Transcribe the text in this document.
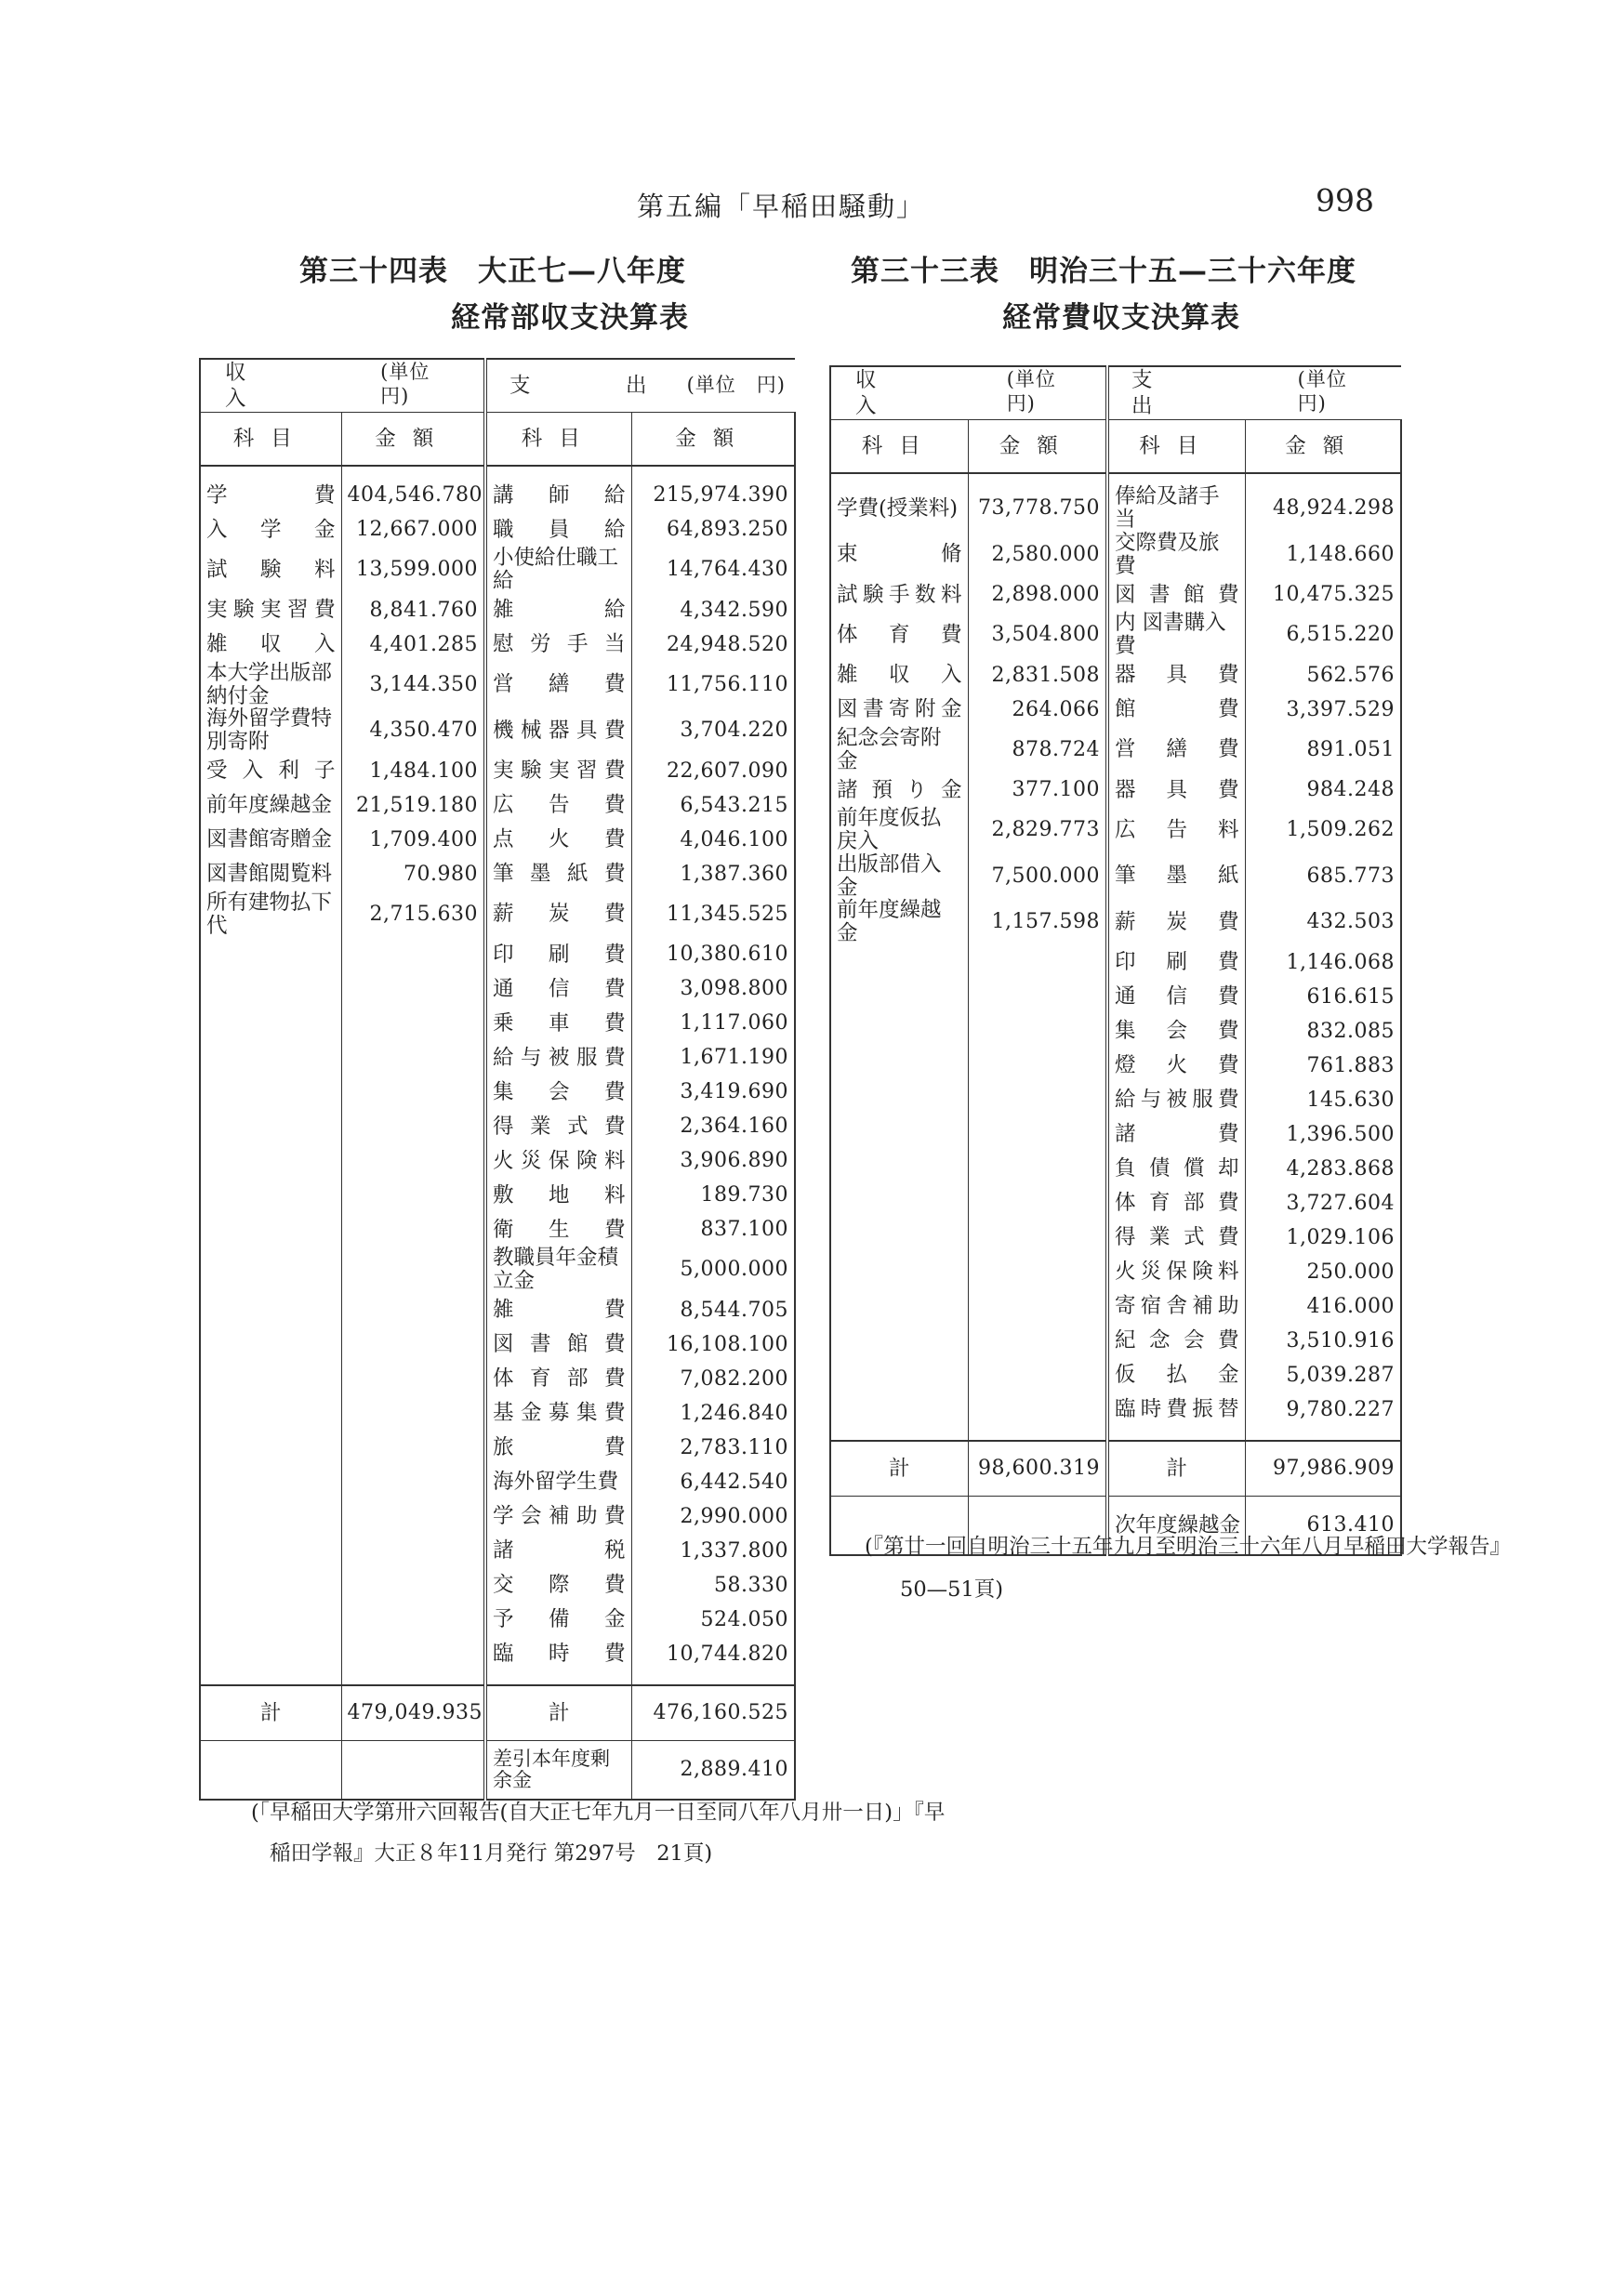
第五編「早稲田騒動」	998
第三十四表　大正七—八年度
経常部収支決算表
収　入
(単位　円)		支　出 (単位　円)	

科目	金額	科目	金額
学費	404,546.780	講師給	215,974.390
入学金	12,667.000	職員給	64,893.250
試験料	13,599.000	小使給仕職工給	14,764.430
実験実習費	8,841.760	雑給	4,342.590
雑収入	4,401.285	慰労手当	24,948.520
本大学出版部納付金	3,144.350	営繕費	11,756.110
海外留学費特別寄附	4,350.470	機械器具費	3,704.220
受入利子	1,484.100	実験実習費	22,607.090
前年度繰越金	21,519.180	広告費	6,543.215
図書館寄贈金	1,709.400	点火費	4,046.100
図書館閲覧料	70.980	筆墨紙費	1,387.360
所有建物払下代	2,715.630	薪炭費	11,345.525
		印刷費	10,380.610
		通信費	3,098.800
		乗車費	1,117.060
		給与被服費	1,671.190
		集会費	3,419.690
		得業式費	2,364.160
		火災保険料	3,906.890
		敷地料	189.730
		衛生費	837.100
		教職員年金積立金	5,000.000
		雑費	8,544.705
		図書館費	16,108.100
		体育部費	7,082.200
		基金募集費	1,246.840
		旅費	2,783.110
		海外留学生費	6,442.540
		学会補助費	2,990.000
		諸税	1,337.800
		交際費	58.330
		予備金	524.050
		臨時費	10,744.820
計	479,049.935	計	476,160.525
		差引本年度剰余金	2,889.410
(「早稲田大学第卅六回報告(自大正七年九月一日至同八年八月卅一日)」『早
稲田学報』大正８年11月発行 第297号　21頁)
第三十三表　明治三十五—三十六年度
経常費収支決算表
収　入
(単位　円)		支　出
(単位　円)	

科目	金額	科目	金額
学費(授業料)	73,778.750	俸給及諸手当	48,924.298
束脩	2,580.000	交際費及旅費	1,148.660
試験手数料	2,898.000	図書館費	10,475.325
体育費	3,504.800	内 図書購入費	6,515.220
雑収入	2,831.508	器具費	562.576
図書寄附金	264.066	館費	3,397.529
紀念会寄附金	878.724	営繕費	891.051
諸預り金	377.100	器具費	984.248
前年度仮払戻入	2,829.773	広告料	1,509.262
出版部借入金	7,500.000	筆墨紙	685.773
前年度繰越金	1,157.598	薪炭費	432.503
		印刷費	1,146.068
		通信費	616.615
		集会費	832.085
		燈火費	761.883
		給与被服費	145.630
		諸費	1,396.500
		負債償却	4,283.868
		体育部費	3,727.604
		得業式費	1,029.106
		火災保険料	250.000
		寄宿舎補助	416.000
		紀念会費	3,510.916
		仮払金	5,039.287
		臨時費振替	9,780.227
計	98,600.319	計	97,986.909
		次年度繰越金	613.410
(『第廿一回自明治三十五年九月至明治三十六年八月早稲田大学報告』
50—51頁)
